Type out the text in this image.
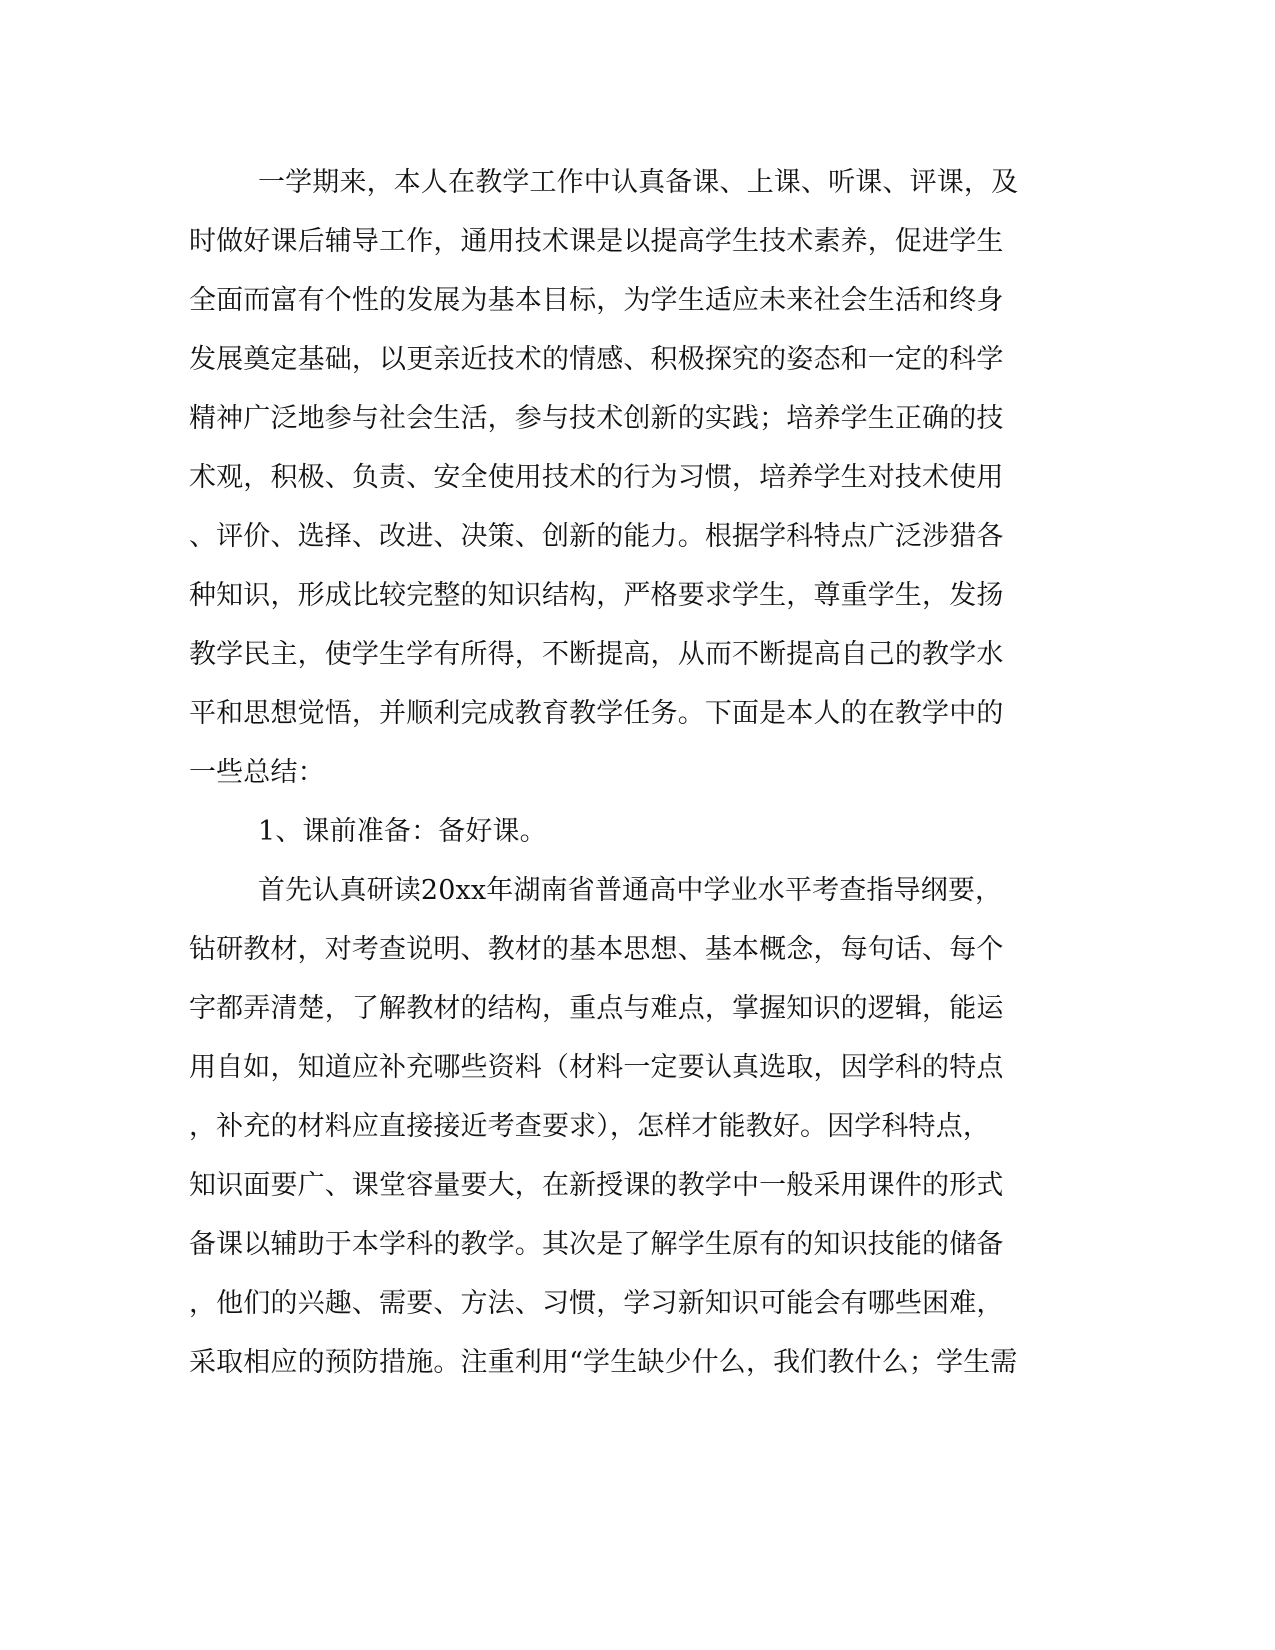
一学期来，本人在教学工作中认真备课、上课、听课、评课，及
时做好课后辅导工作，通用技术课是以提高学生技术素养，促进学生
全面而富有个性的发展为基本目标，为学生适应未来社会生活和终身
发展奠定基础，以更亲近技术的情感、积极探究的姿态和一定的科学
精神广泛地参与社会生活，参与技术创新的实践；培养学生正确的技
术观，积极、负责、安全使用技术的行为习惯，培养学生对技术使用
、评价、选择、改进、决策、创新的能力。根据学科特点广泛涉猎各
种知识，形成比较完整的知识结构，严格要求学生，尊重学生，发扬
教学民主，使学生学有所得，不断提高，从而不断提高自己的教学水
平和思想觉悟，并顺利完成教育教学任务。下面是本人的在教学中的
一些总结：
1、课前准备：备好课。
首先认真研读20xx年湖南省普通高中学业水平考查指导纲要，
钻研教材，对考查说明、教材的基本思想、基本概念，每句话、每个
字都弄清楚，了解教材的结构，重点与难点，掌握知识的逻辑，能运
用自如，知道应补充哪些资料（材料一定要认真选取，因学科的特点
，补充的材料应直接接近考查要求），怎样才能教好。因学科特点，
知识面要广、课堂容量要大，在新授课的教学中一般采用课件的形式
备课以辅助于本学科的教学。其次是了解学生原有的知识技能的储备
，他们的兴趣、需要、方法、习惯，学习新知识可能会有哪些困难，
采取相应的预防措施。注重利用“学生缺少什么，我们教什么；学生需
